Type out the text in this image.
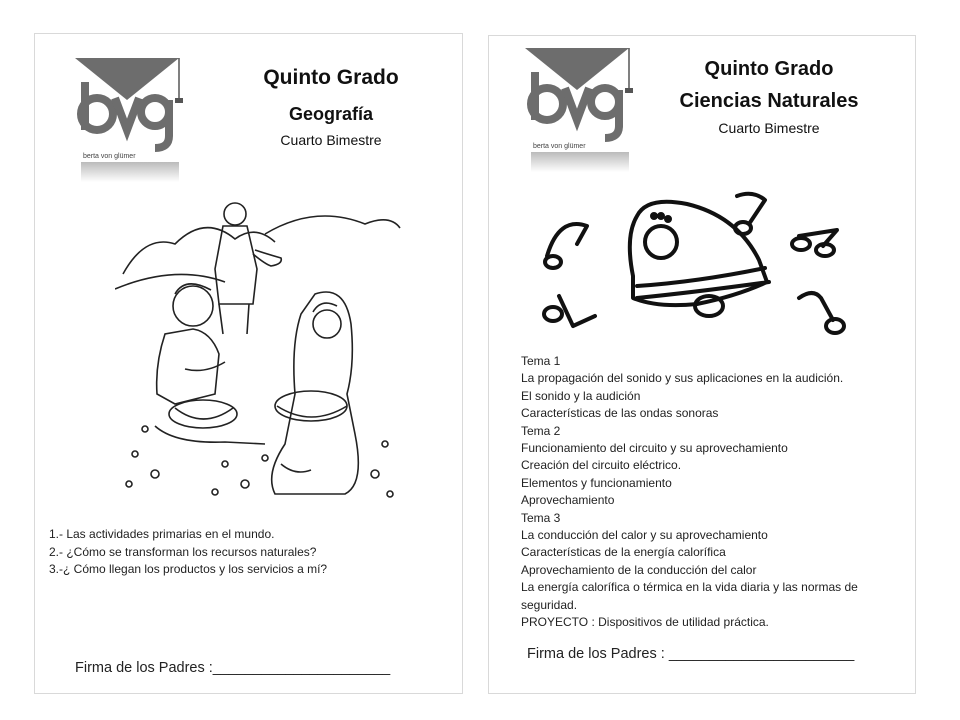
berta von glümer
Quinto Grado
Geografía
Cuarto Bimestre
1.- Las actividades primarias en el mundo.
2.- ¿Cómo se transforman los recursos naturales?
3.-¿ Cómo llegan los productos y los servicios a mí?
Firma de los Padres :______________________
berta von glümer
Quinto Grado
Ciencias Naturales
Cuarto Bimestre
Tema 1
La propagación del sonido y sus aplicaciones en la audición.
El sonido y la audición
Características de las ondas sonoras
Tema 2
Funcionamiento del circuito y su aprovechamiento
Creación del circuito eléctrico.
Elementos y funcionamiento
Aprovechamiento
Tema 3
La conducción del calor y su aprovechamiento
Características de la energía calorífica
Aprovechamiento de la conducción del calor
La energía calorífica o térmica en la vida diaria y las normas de seguridad.
PROYECTO : Dispositivos de utilidad práctica.
Firma de los Padres : _______________________
